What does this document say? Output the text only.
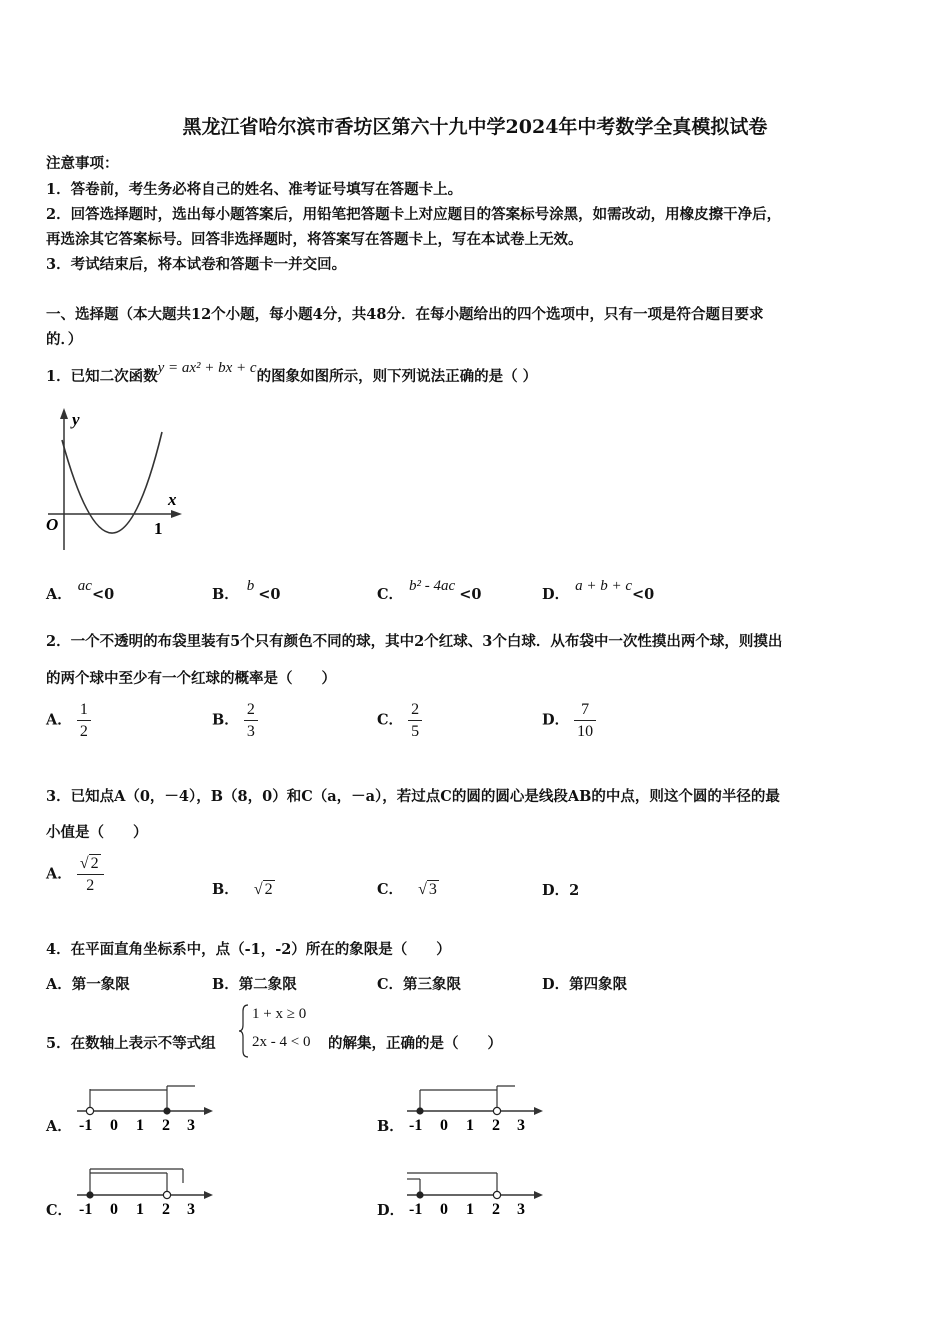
黑龙江省哈尔滨市香坊区第六十九中学2024年中考数学全真模拟试卷
注意事项：
1．答卷前，考生务必将自己的姓名、准考证号填写在答题卡上。
2．回答选择题时，选出每小题答案后，用铅笔把答题卡上对应题目的答案标号涂黑，如需改动，用橡皮擦干净后，
再选涂其它答案标号。回答非选择题时，将答案写在答题卡上，写在本试卷上无效。
3．考试结束后，将本试卷和答题卡一并交回。
一、选择题（本大题共12个小题，每小题4分，共48分．在每小题给出的四个选项中，只有一项是符合题目要求
的．）
1．已知二次函数y = ax² + bx + c的图象如图所示，则下列说法正确的是（ ）
y
x
O	1
A． ac<0	B． b <0	C． b² - 4ac <0	D． a + b + c<0
2．一个不透明的布袋里装有5个只有颜色不同的球，其中2个红球、3个白球．从布袋中一次性摸出两个球，则摸出
的两个球中至少有一个红球的概率是（　　）
A． $\frac{1}{2}$	B． $\frac{2}{3}$	C． $\frac{2}{5}$	D． $\frac{7}{10}$
3．已知点A（0，－4），B（8，0）和C（a，－a），若过点C的圆的圆心是线段AB的中点，则这个圆的半径的最
小值是（　　）
A． $\frac{√ 2}{2}$	B． √ 2	C． √ 3	D．2
4．在平面直角坐标系中，点（-1，-2）所在的象限是（　　）
A．第一象限	B．第二象限	C．第三象限	D．第四象限
5．在数轴上表示不等式组
1 + x ≥ 0
2x - 4 < 0 的解集，正确的是（　　）
A．	B．
C．	D．
-1 0 1 2 3	-1 0 1 2 3
-1 0 1 2 3	-1 0 1 2 3
